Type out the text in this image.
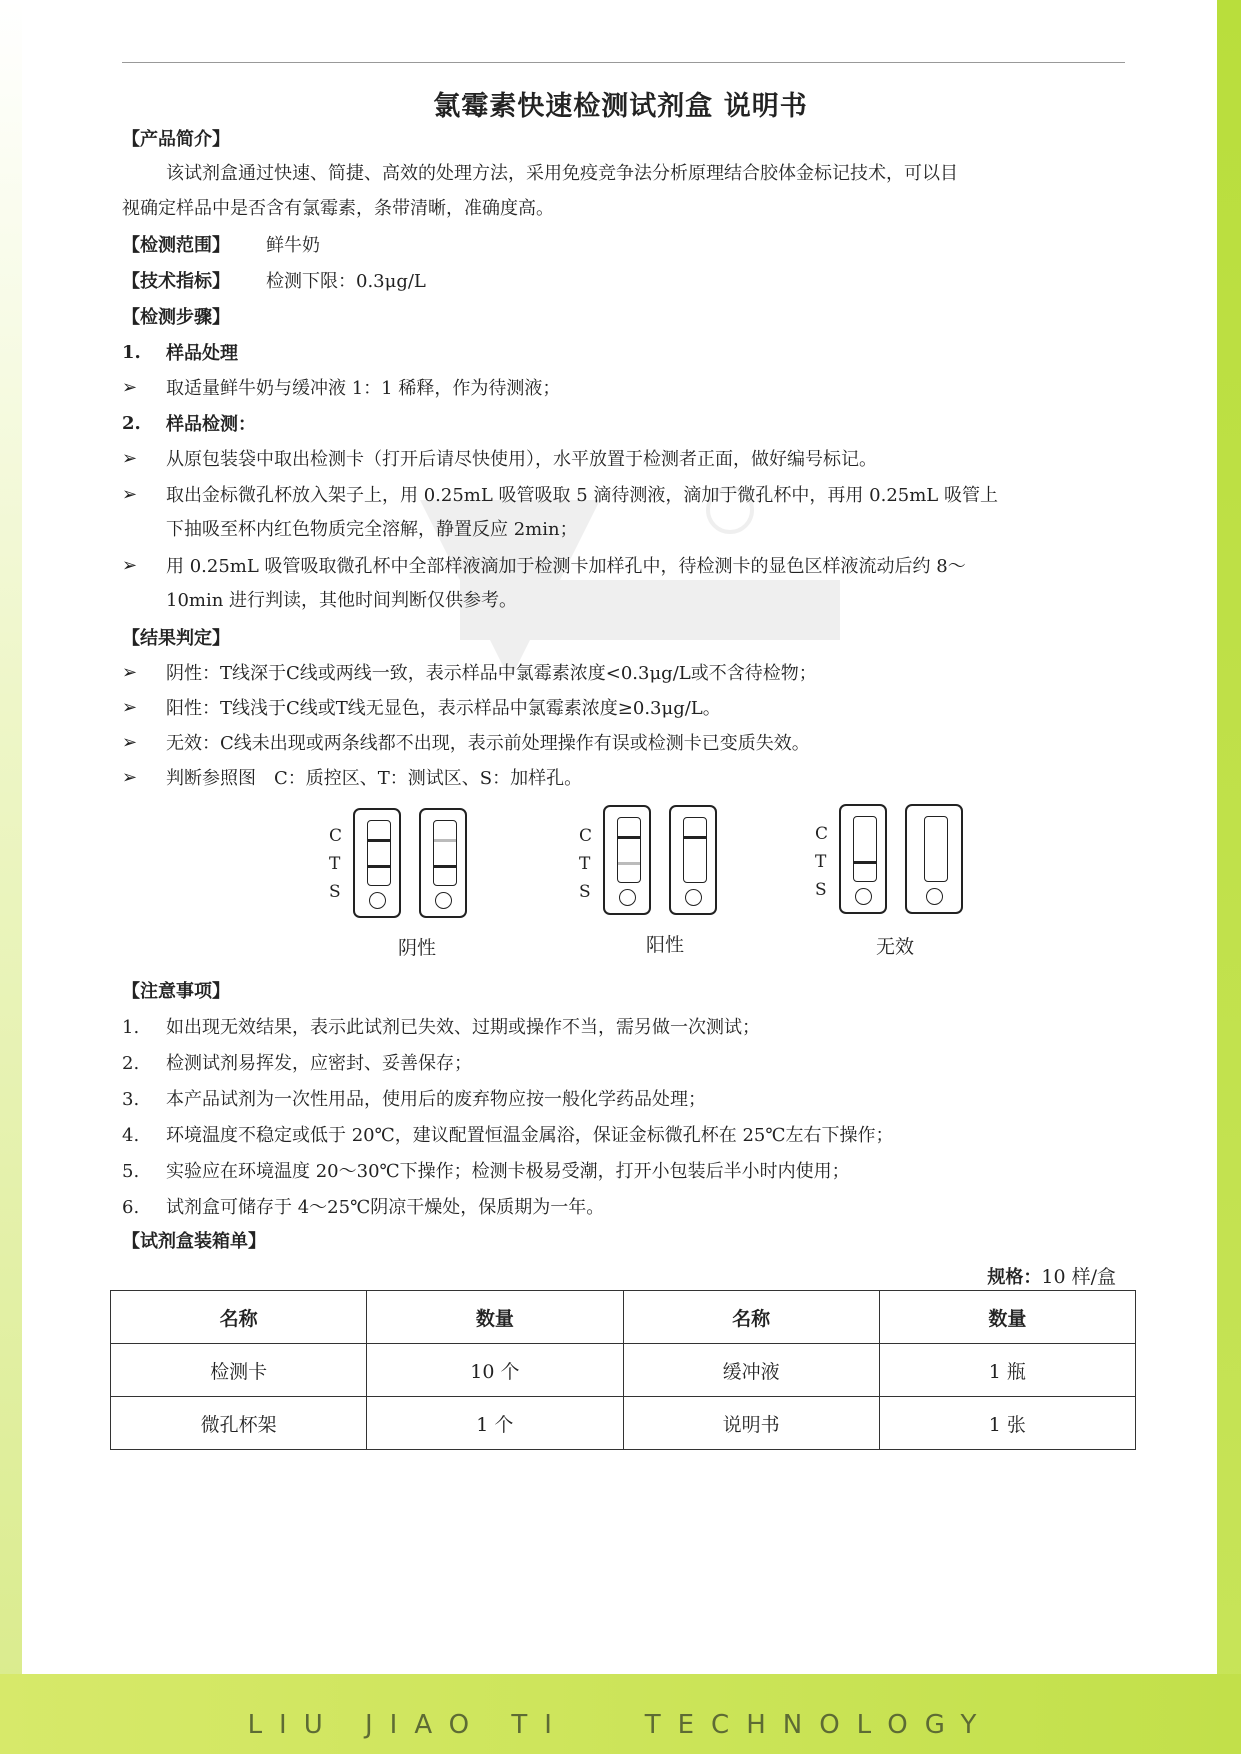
LIU JIAO TI   TECHNOLOGY
氯霉素快速检测试剂盒 说明书
【产品简介】
该试剂盒通过快速、简捷、高效的处理方法，采用免疫竞争法分析原理结合胶体金标记技术，可以目
视确定样品中是否含有氯霉素，条带清晰，准确度高。
【检测范围】 鲜牛奶
【技术指标】 检测下限：0.3μg/L
【检测步骤】
1. 样品处理
➢ 取适量鲜牛奶与缓冲液 1：1 稀释，作为待测液；
2. 样品检测：
➢ 从原包装袋中取出检测卡（打开后请尽快使用），水平放置于检测者正面，做好编号标记。
➢ 取出金标微孔杯放入架子上，用 0.25mL 吸管吸取 5 滴待测液，滴加于微孔杯中，再用 0.25mL 吸管上
下抽吸至杯内红色物质完全溶解，静置反应 2min；
➢ 用 0.25mL 吸管吸取微孔杯中全部样液滴加于检测卡加样孔中，待检测卡的显色区样液流动后约 8～
10min 进行判读，其他时间判断仅供参考。
【结果判定】
➢ 阴性：T线深于C线或两线一致，表示样品中氯霉素浓度<0.3μg/L或不含待检物；
➢ 阳性：T线浅于C线或T线无显色，表示样品中氯霉素浓度≥0.3μg/L。
➢ 无效：C线未出现或两条线都不出现，表示前处理操作有误或检测卡已变质失效。
➢ 判断参照图　C：质控区、T：测试区、S：加样孔。
C
T
S
阴性
C
T
S
阳性
C
T
S
无效
【注意事项】
1. 如出现无效结果，表示此试剂已失效、过期或操作不当，需另做一次测试；
2. 检测试剂易挥发，应密封、妥善保存；
3. 本产品试剂为一次性用品，使用后的废弃物应按一般化学药品处理；
4. 环境温度不稳定或低于 20℃，建议配置恒温金属浴，保证金标微孔杯在 25℃左右下操作；
5. 实验应在环境温度 20～30℃下操作；检测卡极易受潮，打开小包装后半小时内使用；
6. 试剂盒可储存于 4～25℃阴凉干燥处，保质期为一年。
【试剂盒装箱单】
规格：10 样/盒
名称	数量	名称	数量
检测卡	10 个	缓冲液	1 瓶
微孔杯架	1 个	说明书	1 张
